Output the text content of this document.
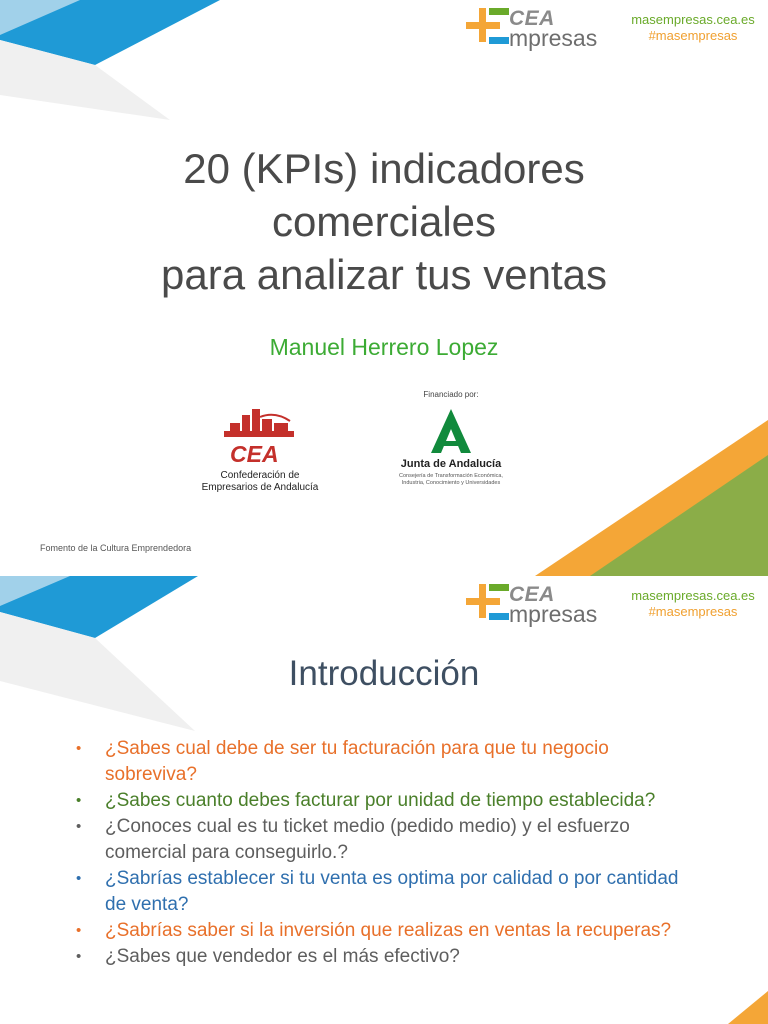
CEA
mpresas
masempresas.cea.es
#masempresas
20 (KPIs) indicadores
comerciales
para analizar tus ventas
Manuel Herrero Lopez
CEA
Confederación de
Empresarios de Andalucía
Financiado por:
Junta de Andalucía
Consejería de Transformación Económica,
Industria, Conocimiento y Universidades
Fomento de la Cultura Emprendedora
CEA
mpresas
masempresas.cea.es
#masempresas
Introducción
• ¿Sabes cual debe de ser tu facturación para que tu negocio sobreviva?
• ¿Sabes cuanto debes facturar por unidad de tiempo establecida?
• ¿Conoces cual es tu ticket medio (pedido medio) y el esfuerzo comercial para conseguirlo.?
• ¿Sabrías establecer si tu venta es optima por calidad o por cantidad de venta?
• ¿Sabrías saber si la inversión que realizas en ventas la recuperas?
• ¿Sabes que vendedor es el más efectivo?
